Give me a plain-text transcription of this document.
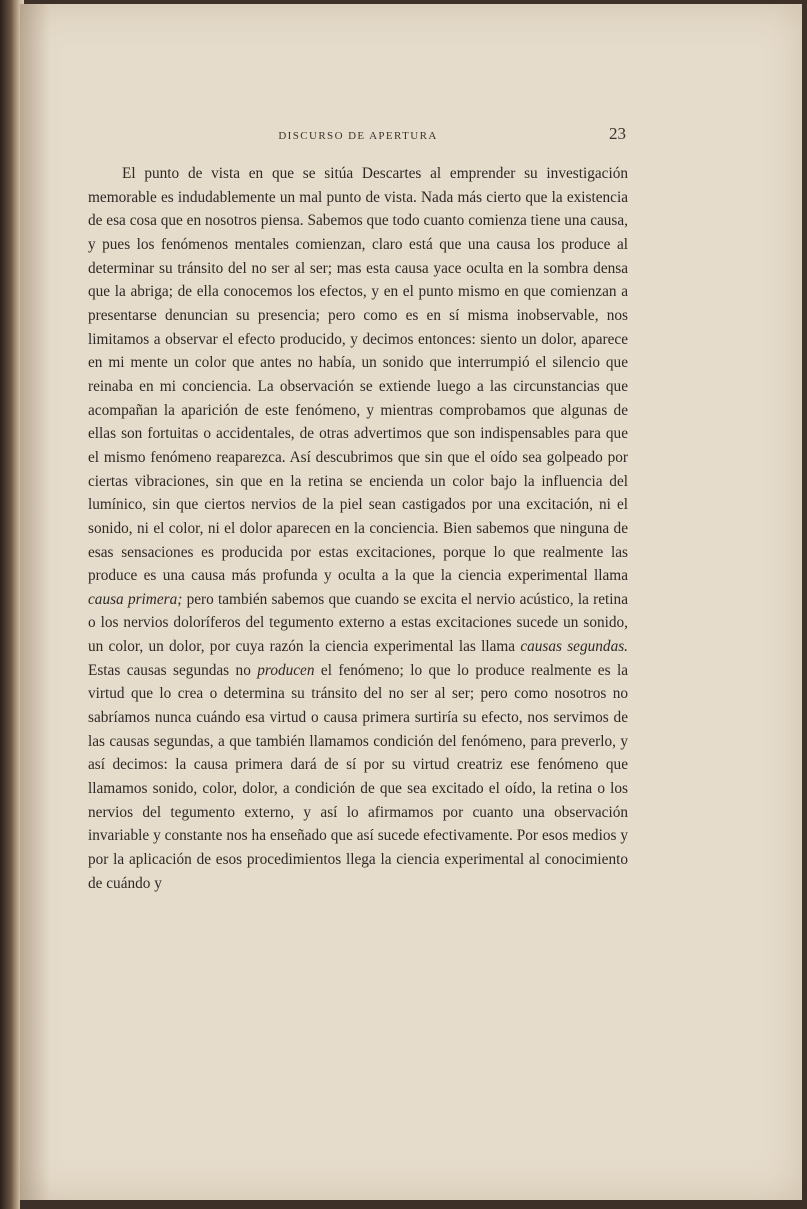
DISCURSO DE APERTURA	23

El punto de vista en que se sitúa Descartes al emprender su investigación memorable es indudablemente un mal punto de vista. Nada más cierto que la existencia de esa cosa que en nosotros piensa. Sabemos que todo cuanto comienza tiene una causa, y pues los fenómenos mentales comienzan, claro está que una causa los produce al determinar su tránsito del no ser al ser; mas esta causa yace oculta en la sombra densa que la abriga; de ella conocemos los efectos, y en el punto mismo en que comienzan a presentarse denuncian su presencia; pero como es en sí misma inobservable, nos limitamos a observar el efecto producido, y decimos entonces: siento un dolor, aparece en mi mente un color que antes no había, un sonido que interrumpió el silencio que reinaba en mi conciencia. La observación se extiende luego a las circunstancias que acompañan la aparición de este fenómeno, y mientras comprobamos que algunas de ellas son fortuitas o accidentales, de otras advertimos que son indispensables para que el mismo fenómeno reaparezca. Así descubrimos que sin que el oído sea golpeado por ciertas vibraciones, sin que en la retina se encienda un color bajo la influencia del lumínico, sin que ciertos nervios de la piel sean castigados por una excitación, ni el sonido, ni el color, ni el dolor aparecen en la conciencia. Bien sabemos que ninguna de esas sensaciones es producida por estas excitaciones, porque lo que realmente las produce es una causa más profunda y oculta a la que la ciencia experimental llama causa primera; pero también sabemos que cuando se excita el nervio acústico, la retina o los nervios doloríferos del tegumento externo a estas excitaciones sucede un sonido, un color, un dolor, por cuya razón la ciencia experimental las llama causas segundas. Estas causas segundas no producen el fenómeno; lo que lo produce realmente es la virtud que lo crea o determina su tránsito del no ser al ser; pero como nosotros no sabríamos nunca cuándo esa virtud o causa primera surtiría su efecto, nos servimos de las causas segundas, a que también llamamos condición del fenómeno, para preverlo, y así decimos: la causa primera dará de sí por su virtud creatriz ese fenómeno que llamamos sonido, color, dolor, a condición de que sea excitado el oído, la retina o los nervios del tegumento externo, y así lo afirmamos por cuanto una observación invariable y constante nos ha enseñado que así sucede efectivamente. Por esos medios y por la aplicación de esos procedimientos llega la ciencia experimental al conocimiento de cuándo y
